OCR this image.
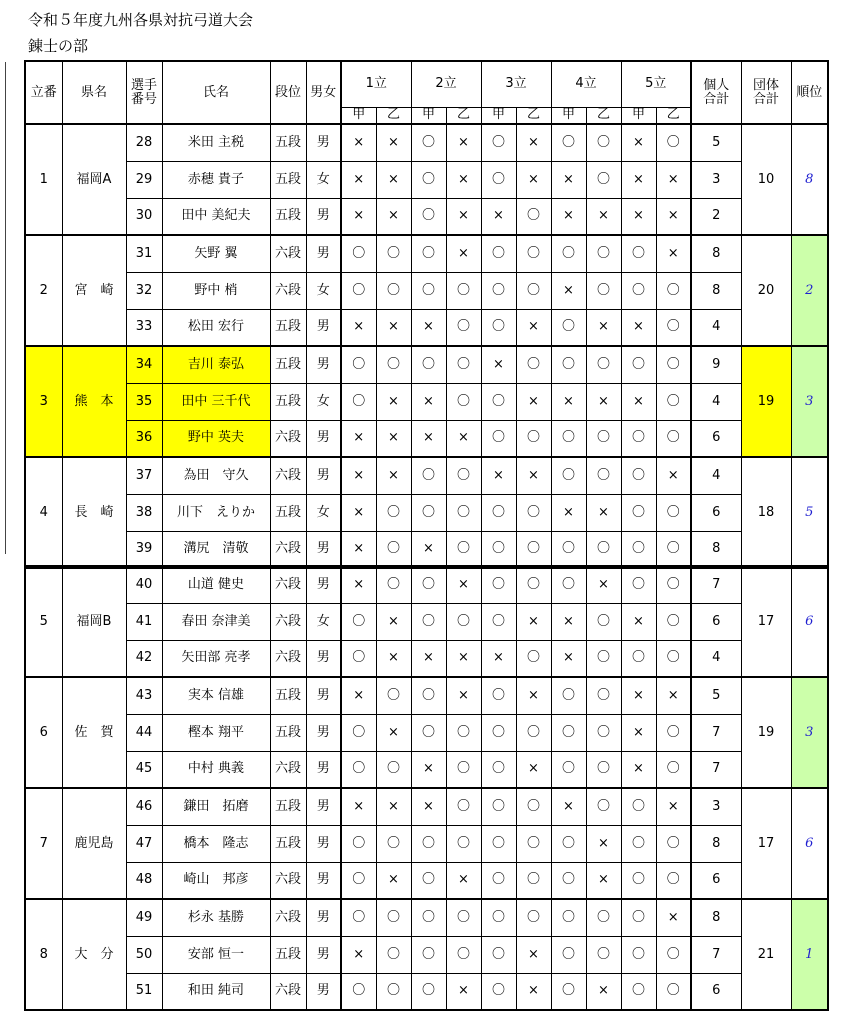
令和５年度九州各県対抗弓道大会
錬士の部
立番	県名	選手
番号	氏名	段位	男女	1立		2立		3立		4立		5立		個人
合計	団体
合計	順位

						甲	乙	甲	乙	甲	乙	甲	乙	甲	乙			
1	福岡A	28	米田 主税	五段	男	×	×	〇	×	〇	×	〇	〇	×	〇	5	10	8
		29	赤穂 貴子	五段	女	×	×	〇	×	〇	×	×	〇	×	×	3		
		30	田中 美紀夫	五段	男	×	×	〇	×	×	〇	×	×	×	×	2		
2	宮　崎	31	矢野 翼	六段	男	〇	〇	〇	×	〇	〇	〇	〇	〇	×	8	20	2
		32	野中 梢	六段	女	〇	〇	〇	〇	〇	〇	×	〇	〇	〇	8		
		33	松田 宏行	五段	男	×	×	×	〇	〇	×	〇	×	×	〇	4		
3	熊　本	34	吉川 泰弘	五段	男	〇	〇	〇	〇	×	〇	〇	〇	〇	〇	9	19	3
		35	田中 三千代	五段	女	〇	×	×	〇	〇	×	×	×	×	〇	4		
		36	野中 英夫	六段	男	×	×	×	×	〇	〇	〇	〇	〇	〇	6		
4	長　崎	37	為田　守久	六段	男	×	×	〇	〇	×	×	〇	〇	〇	×	4	18	5
		38	川下　えりか	五段	女	×	〇	〇	〇	〇	〇	×	×	〇	〇	6		
		39	溝尻　清敬	六段	男	×	〇	×	〇	〇	〇	〇	〇	〇	〇	8		
5	福岡B	40	山道 健史	六段	男	×	〇	〇	×	〇	〇	〇	×	〇	〇	7	17	6
		41	春田 奈津美	六段	女	〇	×	〇	〇	〇	×	×	〇	×	〇	6		
		42	矢田部 亮孝	六段	男	〇	×	×	×	×	〇	×	〇	〇	〇	4		
6	佐　賀	43	実本 信雄	五段	男	×	〇	〇	×	〇	×	〇	〇	×	×	5	19	3
		44	樫本 翔平	五段	男	〇	×	〇	〇	〇	〇	〇	〇	×	〇	7		
		45	中村 典義	六段	男	〇	〇	×	〇	〇	×	〇	〇	×	〇	7		
7	鹿児島	46	鎌田　拓磨	五段	男	×	×	×	〇	〇	〇	×	〇	〇	×	3	17	6
		47	橋本　隆志	五段	男	〇	〇	〇	〇	〇	〇	〇	×	〇	〇	8		
		48	崎山　邦彦	六段	男	〇	×	〇	×	〇	〇	〇	×	〇	〇	6		
8	大　分	49	杉永 基勝	六段	男	〇	〇	〇	〇	〇	〇	〇	〇	〇	×	8	21	1
		50	安部 恒一	五段	男	×	〇	〇	〇	〇	×	〇	〇	〇	〇	7		
		51	和田 純司	六段	男	〇	〇	〇	×	〇	×	〇	×	〇	〇	6		
